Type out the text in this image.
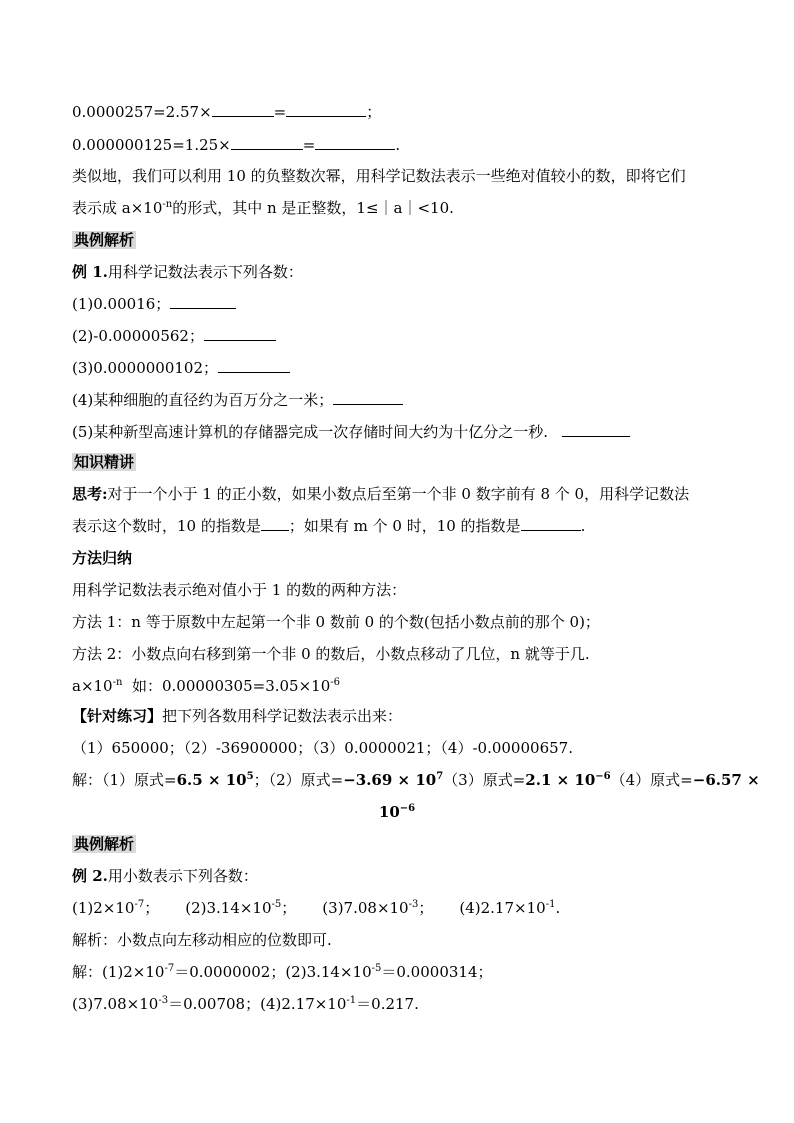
0.0000257=2.57×	=	；
0.000000125=1.25×	=	.
类似地，我们可以利用 10 的负整数次幂，用科学记数法表示一些绝对值较小的数，即将它们
表示成 $a\times 10^{-n}$的形式，其中 n 是正整数，1≤｜a｜<10.
典例解析
例 1.用科学记数法表示下列各数：
(1)0.00016；
(2)-0.00000562；
(3)0.0000000102；
(4)某种细胞的直径约为百万分之一米；
(5)某种新型高速计算机的存储器完成一次存储时间大约为十亿分之一秒.
知识精讲
思考:对于一个小于 1 的正小数，如果小数点后至第一个非 0 数字前有 8 个 0，用科学记数法
表示这个数时，10 的指数是 ；如果有 m 个 0 时，10 的指数是	.
方法归纳
用科学记数法表示绝对值小于 1 的数的两种方法：
方法 1：n 等于原数中左起第一个非 0 数前 0 的个数(包括小数点前的那个 0)；
方法 2：小数点向右移到第一个非 0 的数后，小数点移动了几位，n 就等于几.
$a\times 10^{-n}$  如：$0.00000305=3.05\times 10^{-6}$
【针对练习】把下列各数用科学记数法表示出来：
（1）650000；（2）-36900000；（3）0.0000021；（4）-0.00000657.
解：（1）原式$=6.5 \times 10^5$；（2）原式$=-3.69 \times 10^7(3)$原式$=2.1 \times 10^{-6}(4)$原式=−6.57 ×
$10^{-6}$
典例解析
例 2.用小数表示下列各数：
$(1)2\times 10^{-7}$； $(2)3.14\times 10^{-5}$； $(3)7.08\times 10^{-3}$； $(4)2.17\times 10^{-1}$.
解析：小数点向左移动相应的位数即可.
解：$(1)2\times 10^{-7}=0.0000002$；$(2)3.14\times 10^{-5}=0.0000314$；
$(3)7.08\times 10^{-3}=0.00708$；$(4)2.17\times 10^{-1}=0.217$.
